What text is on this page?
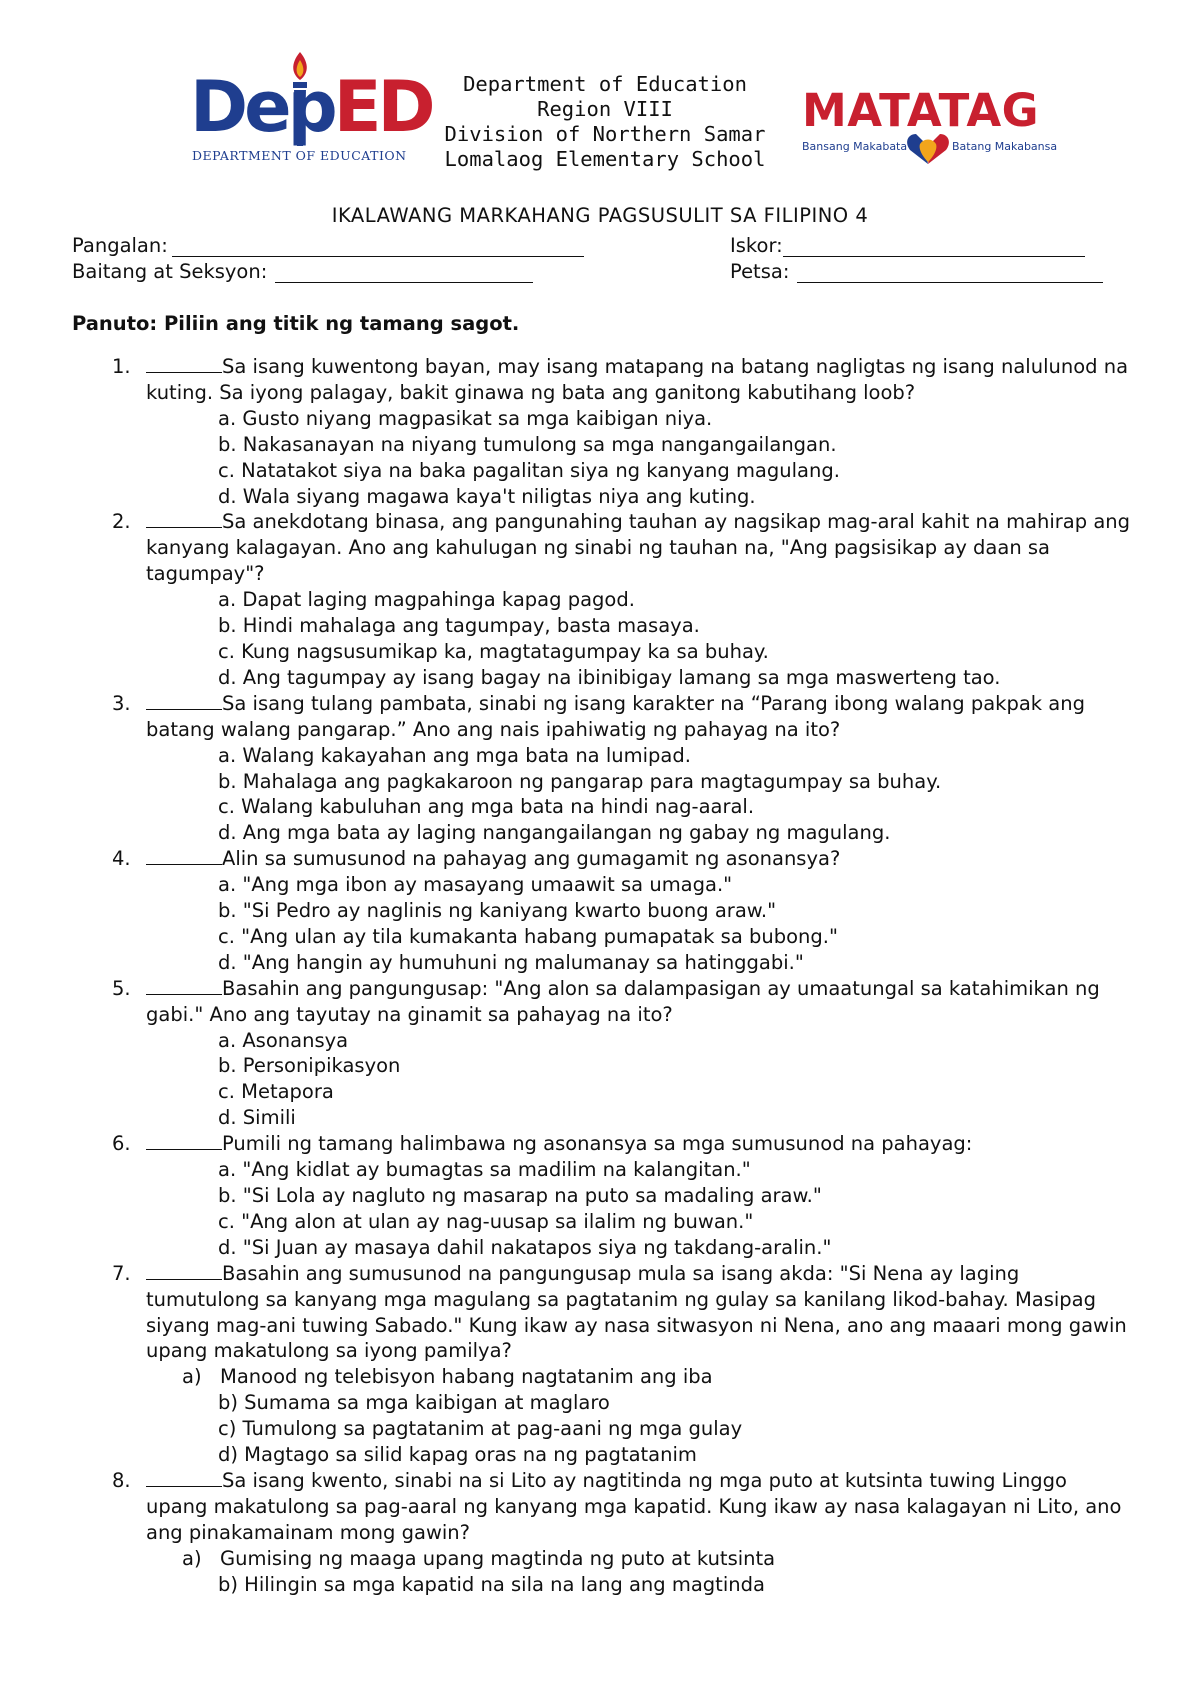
DepED
DEPARTMENT OF EDUCATION
Department of Education
Region VIII
Division of Northern Samar
Lomalaog Elementary School
MATATAG
Bansang Makabata	Batang Makabansa
IKALAWANG MARKAHANG PAGSUSULIT SA FILIPINO 4
Pangalan:	Iskor:
Baitang at Seksyon:	Petsa:
Panuto: Piliin ang titik ng tamang sagot.
1.	Sa isang kuwentong bayan, may isang matapang na batang nagligtas ng isang nalulunod na kuting. Sa iyong palagay, bakit ginawa ng bata ang ganitong kabutihang loob?
a. Gusto niyang magpasikat sa mga kaibigan niya.
b. Nakasanayan na niyang tumulong sa mga nangangailangan.
c. Natatakot siya na baka pagalitan siya ng kanyang magulang.
d. Wala siyang magawa kaya't niligtas niya ang kuting.
2.	Sa anekdotang binasa, ang pangunahing tauhan ay nagsikap mag-aral kahit na mahirap ang kanyang kalagayan. Ano ang kahulugan ng sinabi ng tauhan na, "Ang pagsisikap ay daan sa tagumpay"?
a. Dapat laging magpahinga kapag pagod.
b. Hindi mahalaga ang tagumpay, basta masaya.
c. Kung nagsusumikap ka, magtatagumpay ka sa buhay.
d. Ang tagumpay ay isang bagay na ibinibigay lamang sa mga maswerteng tao.
3.	Sa isang tulang pambata, sinabi ng isang karakter na “Parang ibong walang pakpak ang batang walang pangarap.” Ano ang nais ipahiwatig ng pahayag na ito?
a. Walang kakayahan ang mga bata na lumipad.
b. Mahalaga ang pagkakaroon ng pangarap para magtagumpay sa buhay.
c. Walang kabuluhan ang mga bata na hindi nag-aaral.
d. Ang mga bata ay laging nangangailangan ng gabay ng magulang.
4.	Alin sa sumusunod na pahayag ang gumagamit ng asonansya?
a. "Ang mga ibon ay masayang umaawit sa umaga."
b. "Si Pedro ay naglinis ng kaniyang kwarto buong araw."
c. "Ang ulan ay tila kumakanta habang pumapatak sa bubong."
d. "Ang hangin ay humuhuni ng malumanay sa hatinggabi."
5.	Basahin ang pangungusap: "Ang alon sa dalampasigan ay umaatungal sa katahimikan ng gabi." Ano ang tayutay na ginamit sa pahayag na ito?
a. Asonansya
b. Personipikasyon
c. Metapora
d. Simili
6.	Pumili ng tamang halimbawa ng asonansya sa mga sumusunod na pahayag:
a. "Ang kidlat ay bumagtas sa madilim na kalangitan."
b. "Si Lola ay nagluto ng masarap na puto sa madaling araw."
c. "Ang alon at ulan ay nag-uusap sa ilalim ng buwan."
d. "Si Juan ay masaya dahil nakatapos siya ng takdang-aralin."
7.	Basahin ang sumusunod na pangungusap mula sa isang akda: "Si Nena ay laging tumutulong sa kanyang mga magulang sa pagtatanim ng gulay sa kanilang likod-bahay. Masipag siyang mag-ani tuwing Sabado." Kung ikaw ay nasa sitwasyon ni Nena, ano ang maaari mong gawin upang makatulong sa iyong pamilya?
a) Manood ng telebisyon habang nagtatanim ang iba
b) Sumama sa mga kaibigan at maglaro
c) Tumulong sa pagtatanim at pag-aani ng mga gulay
d) Magtago sa silid kapag oras na ng pagtatanim
8.	Sa isang kwento, sinabi na si Lito ay nagtitinda ng mga puto at kutsinta tuwing Linggo upang makatulong sa pag-aaral ng kanyang mga kapatid. Kung ikaw ay nasa kalagayan ni Lito, ano ang pinakamainam mong gawin?
a) Gumising ng maaga upang magtinda ng puto at kutsinta
b) Hilingin sa mga kapatid na sila na lang ang magtinda
